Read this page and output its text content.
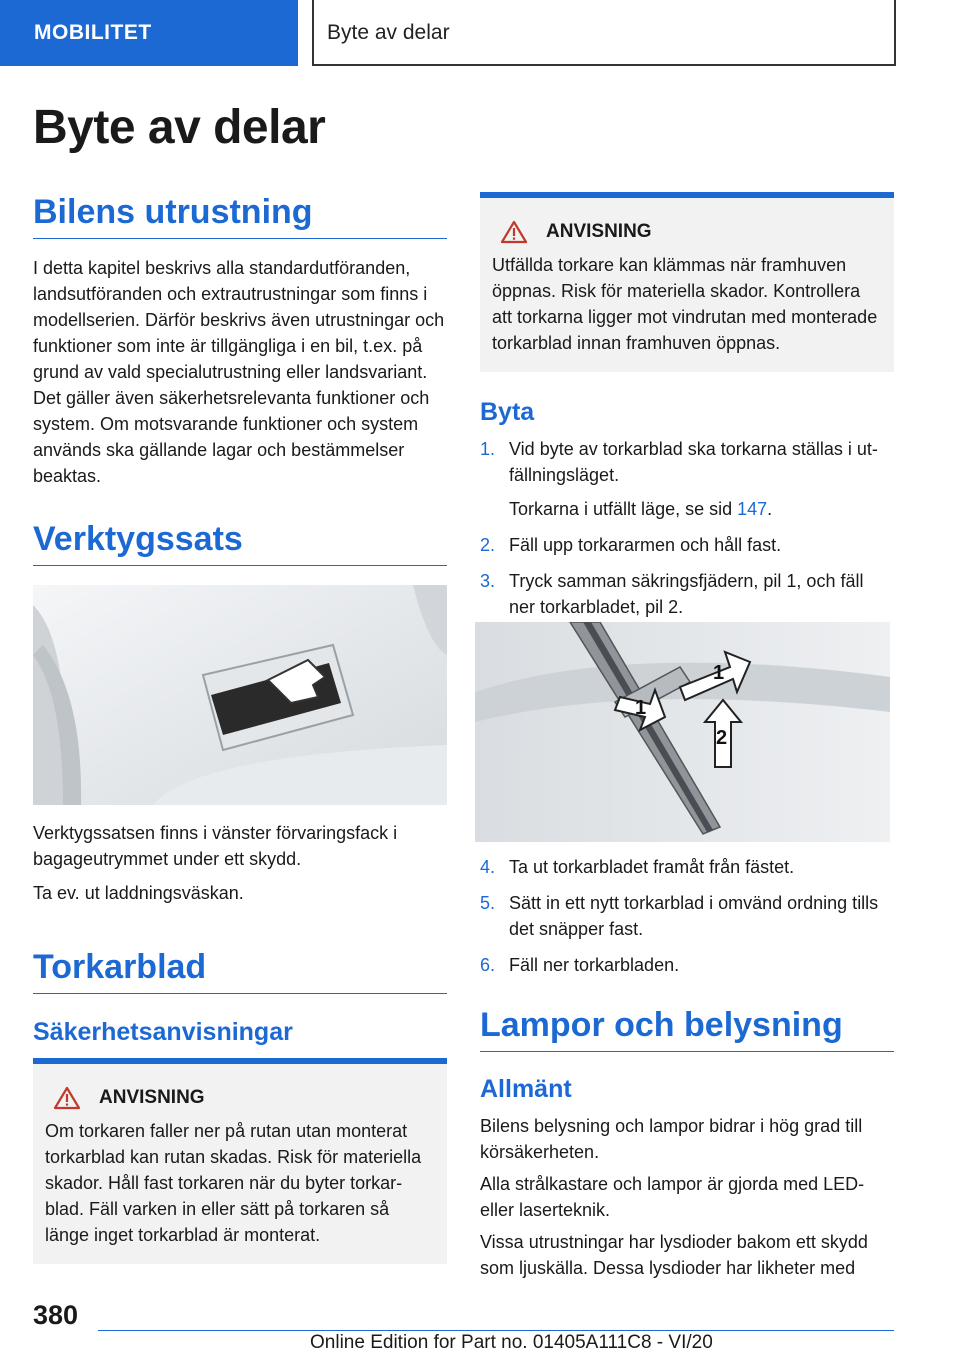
MOBILITET	Byte av delar
Byte av delar
Bilens utrustning

I detta kapitel beskrivs alla standardutföranden, landsutföranden och extrautrustningar som finns i modellserien. Därför beskrivs även utrustningar och funktioner som inte är tillgängliga i en bil, t.ex. på grund av vald specialutrustning eller landsvariant. Det gäller även säkerhetsrelevanta funktioner och system. Om motsvarande funktioner och system används ska gällande lagar och bestämmelser beaktas.

Verktygssats

Verktygssatsen finns i vänster förvaringsfack i bagageutrymmet under ett skydd.

Ta ev. ut laddningsväskan.

Torkarblad
Säkerhetsanvisningar
ANVISNING

Om torkaren faller ner på rutan utan monterat torkarblad kan rutan skadas. Risk för materiella skador. Håll fast torkaren när du byter torkarblad. Fäll varken in eller sätt på torkaren så länge inget torkarblad är monterat.

ANVISNING

Utfällda torkare kan klämmas när framhuven öppnas. Risk för materiella skador. Kontrollera att torkarna ligger mot vindrutan med monterade torkarblad innan framhuven öppnas.

Byta
1. Vid byte av torkarblad ska torkarna ställas i utfällningsläget.
Torkarna i utfällt läge, se sid 147.
2. Fäll upp torkararmen och håll fast.
3. Tryck samman säkringsfjädern, pil 1, och fäll ner torkarbladet, pil 2.
1
1
2
4. Ta ut torkarbladet framåt från fästet.
5. Sätt in ett nytt torkarblad i omvänd ordning tills det snäpper fast.
6. Fäll ner torkarbladen.
Lampor och belysning
Allmänt

Bilens belysning och lampor bidrar i hög grad till körsäkerheten.

Alla strålkastare och lampor är gjorda med LED- eller laserteknik.

Vissa utrustningar har lysdioder bakom ett skydd som ljuskälla. Dessa lysdioder har likheter med

380
Online Edition for Part no. 01405A111C8 - VI/20
